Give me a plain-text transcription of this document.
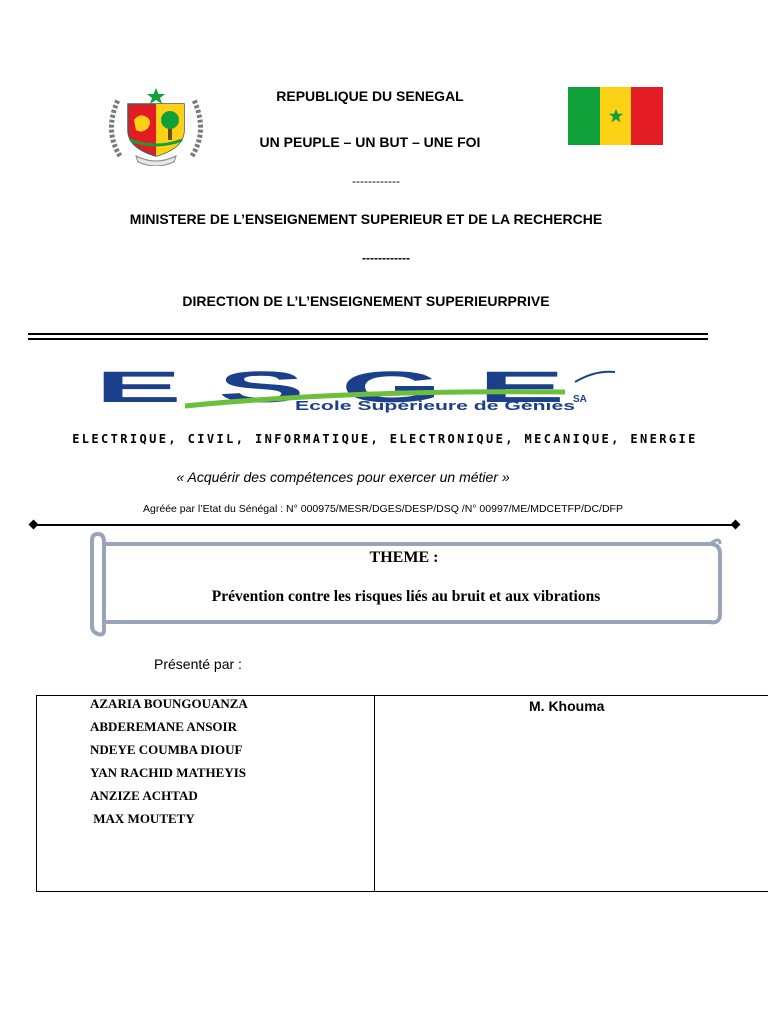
REPUBLIQUE DU SENEGAL
UN PEUPLE – UN BUT – UNE FOI
------------
MINISTERE DE L’ENSEIGNEMENT SUPERIEUR ET DE LA RECHERCHE
------------
DIRECTION DE L’L’ENSEIGNEMENT SUPERIEURPRIVE
E S G E
Ecole Supérieure de Génies
SA
ELECTRIQUE, CIVIL, INFORMATIQUE, ELECTRONIQUE, MECANIQUE, ENERGIE
« Acquérir des compétences pour exercer un métier »
Agréée par l’Etat du Sénégal : N° 000975/MESR/DGES/DESP/DSQ /N° 00997/ME/MDCETFP/DC/DFP
THEME :
Prévention contre les risques liés au bruit et aux vibrations
Présenté par :
AZARIA BOUNGOUANZA
ABDEREMANE ANSOIR
NDEYE COUMBA DIOUF
YAN RACHID MATHEYIS
ANZIZE ACHTAD
MAX MOUTETY
M. Khouma
